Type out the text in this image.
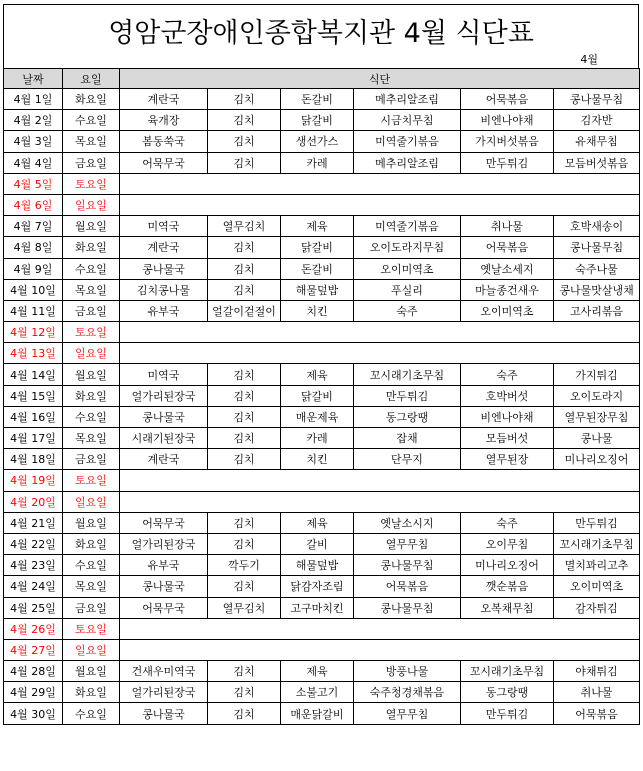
영암군장애인종합복지관 4월 식단표
4월
날짜	요일	식단					
4월 1일	화요일	계란국	김치	돈갈비	메추리알조림	어묵볶음	콩나물무침
4월 2일	수요일	육개장	김치	닭갈비	시금치무침	비엔나야채	김자반
4월 3일	목요일	봄동쑥국	김치	생선가스	미역줄기볶음	가지버섯볶음	유채무침
4월 4일	금요일	어묵무국	김치	카레	메추리알조림	만두튀김	모듬버섯볶음
4월 5일	토요일						
4월 6일	일요일						
4월 7일	월요일	미역국	열무김치	제육	미역줄기볶음	취나물	호박새송이
4월 8일	화요일	계란국	김치	닭갈비	오이도라지무침	어묵볶음	콩나물무침
4월 9일	수요일	콩나물국	김치	돈갈비	오이미역초	옛날소세지	숙주나물
4월 10일	목요일	김치콩나물	김치	해물덮밥	푸실리	마늘종건새우	콩나물맛살냉채
4월 11일	금요일	유부국	얼갈이겉절이	치킨	숙주	오이미역초	고사리볶음
4월 12일	토요일						
4월 13일	일요일						
4월 14일	월요일	미역국	김치	제육	꼬시래기초무침	숙주	가지튀김
4월 15일	화요일	얼가리된장국	김치	닭갈비	만두튀김	호박버섯	오이도라지
4월 16일	수요일	콩나물국	김치	매운제육	동그랑땡	비엔나야채	열무된장무침
4월 17일	목요일	시래기된장국	김치	카레	잡채	모듬버섯	콩나물
4월 18일	금요일	계란국	김치	치킨	단무지	열무된장	미나리오징어
4월 19일	토요일						
4월 20일	일요일						
4월 21일	월요일	어묵무국	김치	제육	옛날소시지	숙주	만두튀김
4월 22일	화요일	얼가리된장국	김치	갈비	열무무침	오이무침	꼬시래기초무침
4월 23일	수요일	유부국	깍두기	해물덮밥	콩나물무침	미나리오징어	멸치꽈리고추
4월 24일	목요일	콩나물국	김치	닭감자조림	어묵볶음	깻순볶음	오이미역초
4월 25일	금요일	어묵무국	열무김치	고구마치킨	콩나물무침	오복채무침	감자튀김
4월 26일	토요일						
4월 27일	일요일						
4월 28일	월요일	건새우미역국	김치	제육	방풍나물	꼬시래기초무침	야채튀김
4월 29일	화요일	얼가리된장국	김치	소불고기	숙주청경채볶음	동그랑땡	취나물
4월 30일	수요일	콩나물국	김치	매운닭갈비	열무무침	만두튀김	어묵볶음
